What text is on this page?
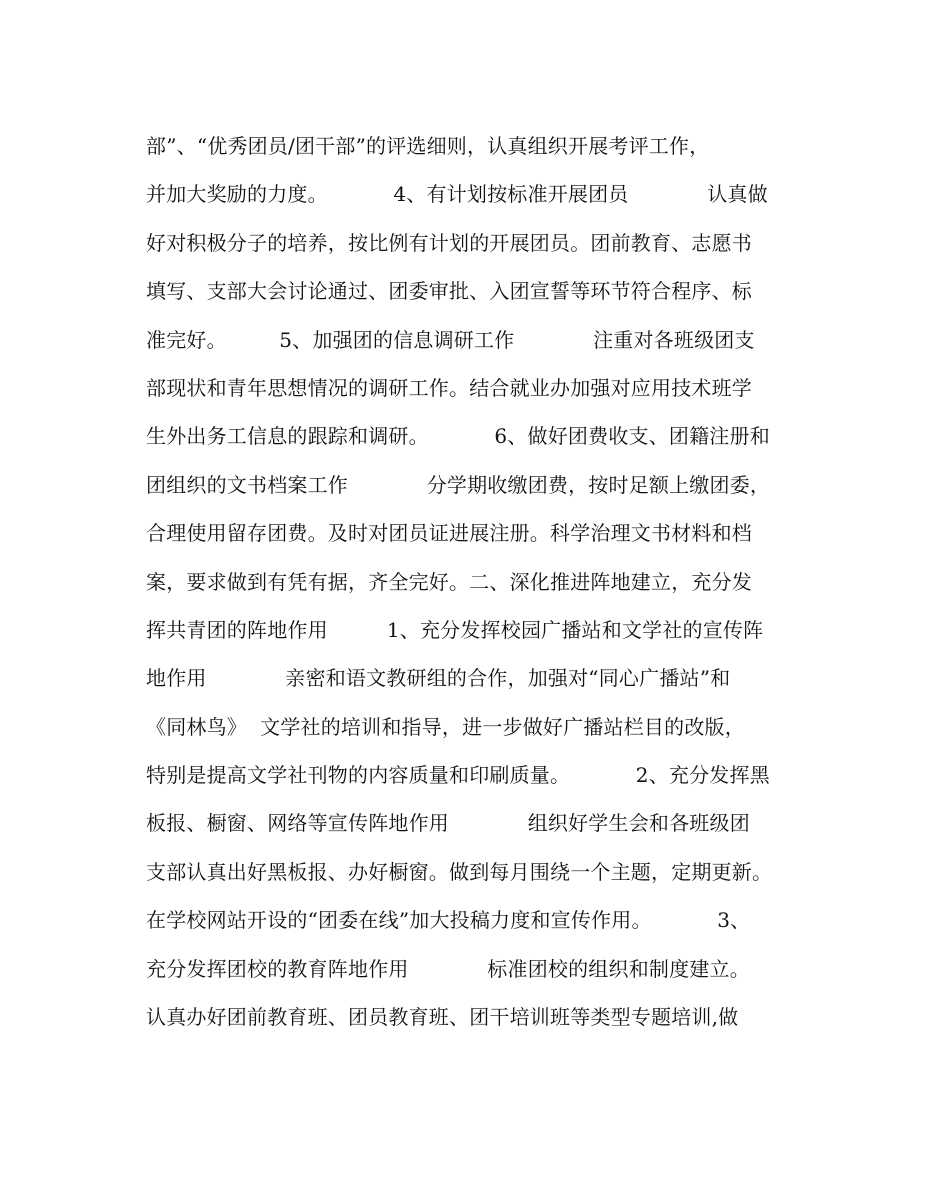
部”、“优秀团员/团干部”的评选细则，认真组织开展考评工作，
并加大奖励的力度。          4、有计划按标准开展团员            认真做
好对积极分子的培养，按比例有计划的开展团员。团前教育、志愿书
填写、支部大会讨论通过、团委审批、入团宣誓等环节符合程序、标
准完好。        5、加强团的信息调研工作            注重对各班级团支
部现状和青年思想情况的调研工作。结合就业办加强对应用技术班学
生外出务工信息的跟踪和调研。          6、做好团费收支、团籍注册和
团组织的文书档案工作            分学期收缴团费，按时足额上缴团委，
合理使用留存团费。及时对团员证进展注册。科学治理文书材料和档
案，要求做到有凭有据，齐全完好。二、深化推进阵地建立，充分发
挥共青团的阵地作用         1、充分发挥校园广播站和文学社的宣传阵
地作用            亲密和语文教研组的合作，加强对“同心广播站”和
《同林鸟》  文学社的培训和指导，进一步做好广播站栏目的改版，
特别是提高文学社刊物的内容质量和印刷质量。          2、充分发挥黑
板报、橱窗、网络等宣传阵地作用            组织好学生会和各班级团
支部认真出好黑板报、办好橱窗。做到每月围绕一个主题，定期更新。
在学校网站开设的“团委在线”加大投稿力度和宣传作用。          3、
充分发挥团校的教育阵地作用            标准团校的组织和制度建立。
认真办好团前教育班、团员教育班、团干培训班等类型专题培训,做
